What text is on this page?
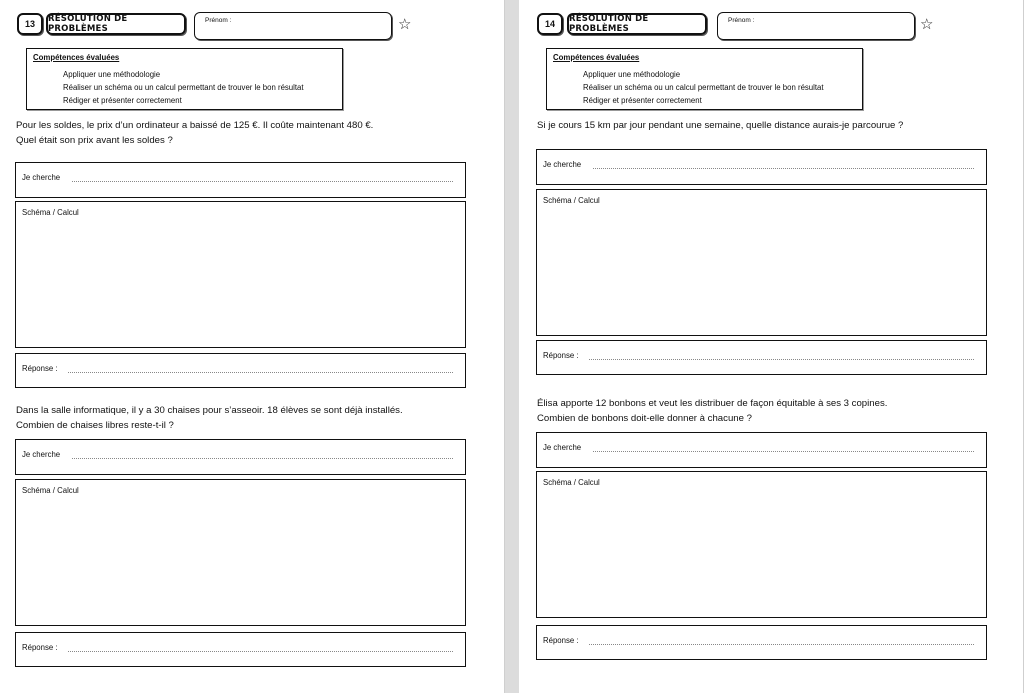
13	RÉSOLUTION DE PROBLÈMES
Prénom :	☆
Compétences évaluées
Appliquer une méthodologie
Réaliser un schéma ou un calcul permettant de trouver le bon résultat
Rédiger et présenter correctement
Pour les soldes, le prix d’un ordinateur a baissé de 125 €. Il coûte maintenant 480 €.
Quel était son prix avant les soldes ?
Je cherche
Schéma / Calcul
Réponse :
Dans la salle informatique, il y a 30 chaises pour s’asseoir. 18 élèves se sont déjà installés.
Combien de chaises libres reste-t-il ?
Je cherche
Schéma / Calcul
Réponse :
14	RÉSOLUTION DE PROBLÈMES
Prénom :	☆
Compétences évaluées
Appliquer une méthodologie
Réaliser un schéma ou un calcul permettant de trouver le bon résultat
Rédiger et présenter correctement
Si je cours 15 km par jour pendant une semaine, quelle distance aurais-je parcourue ?
Je cherche
Schéma / Calcul
Réponse :
Élisa apporte 12 bonbons et veut les distribuer de façon équitable à ses 3 copines.
Combien de bonbons doit-elle donner à chacune ?
Je cherche
Schéma / Calcul
Réponse :
